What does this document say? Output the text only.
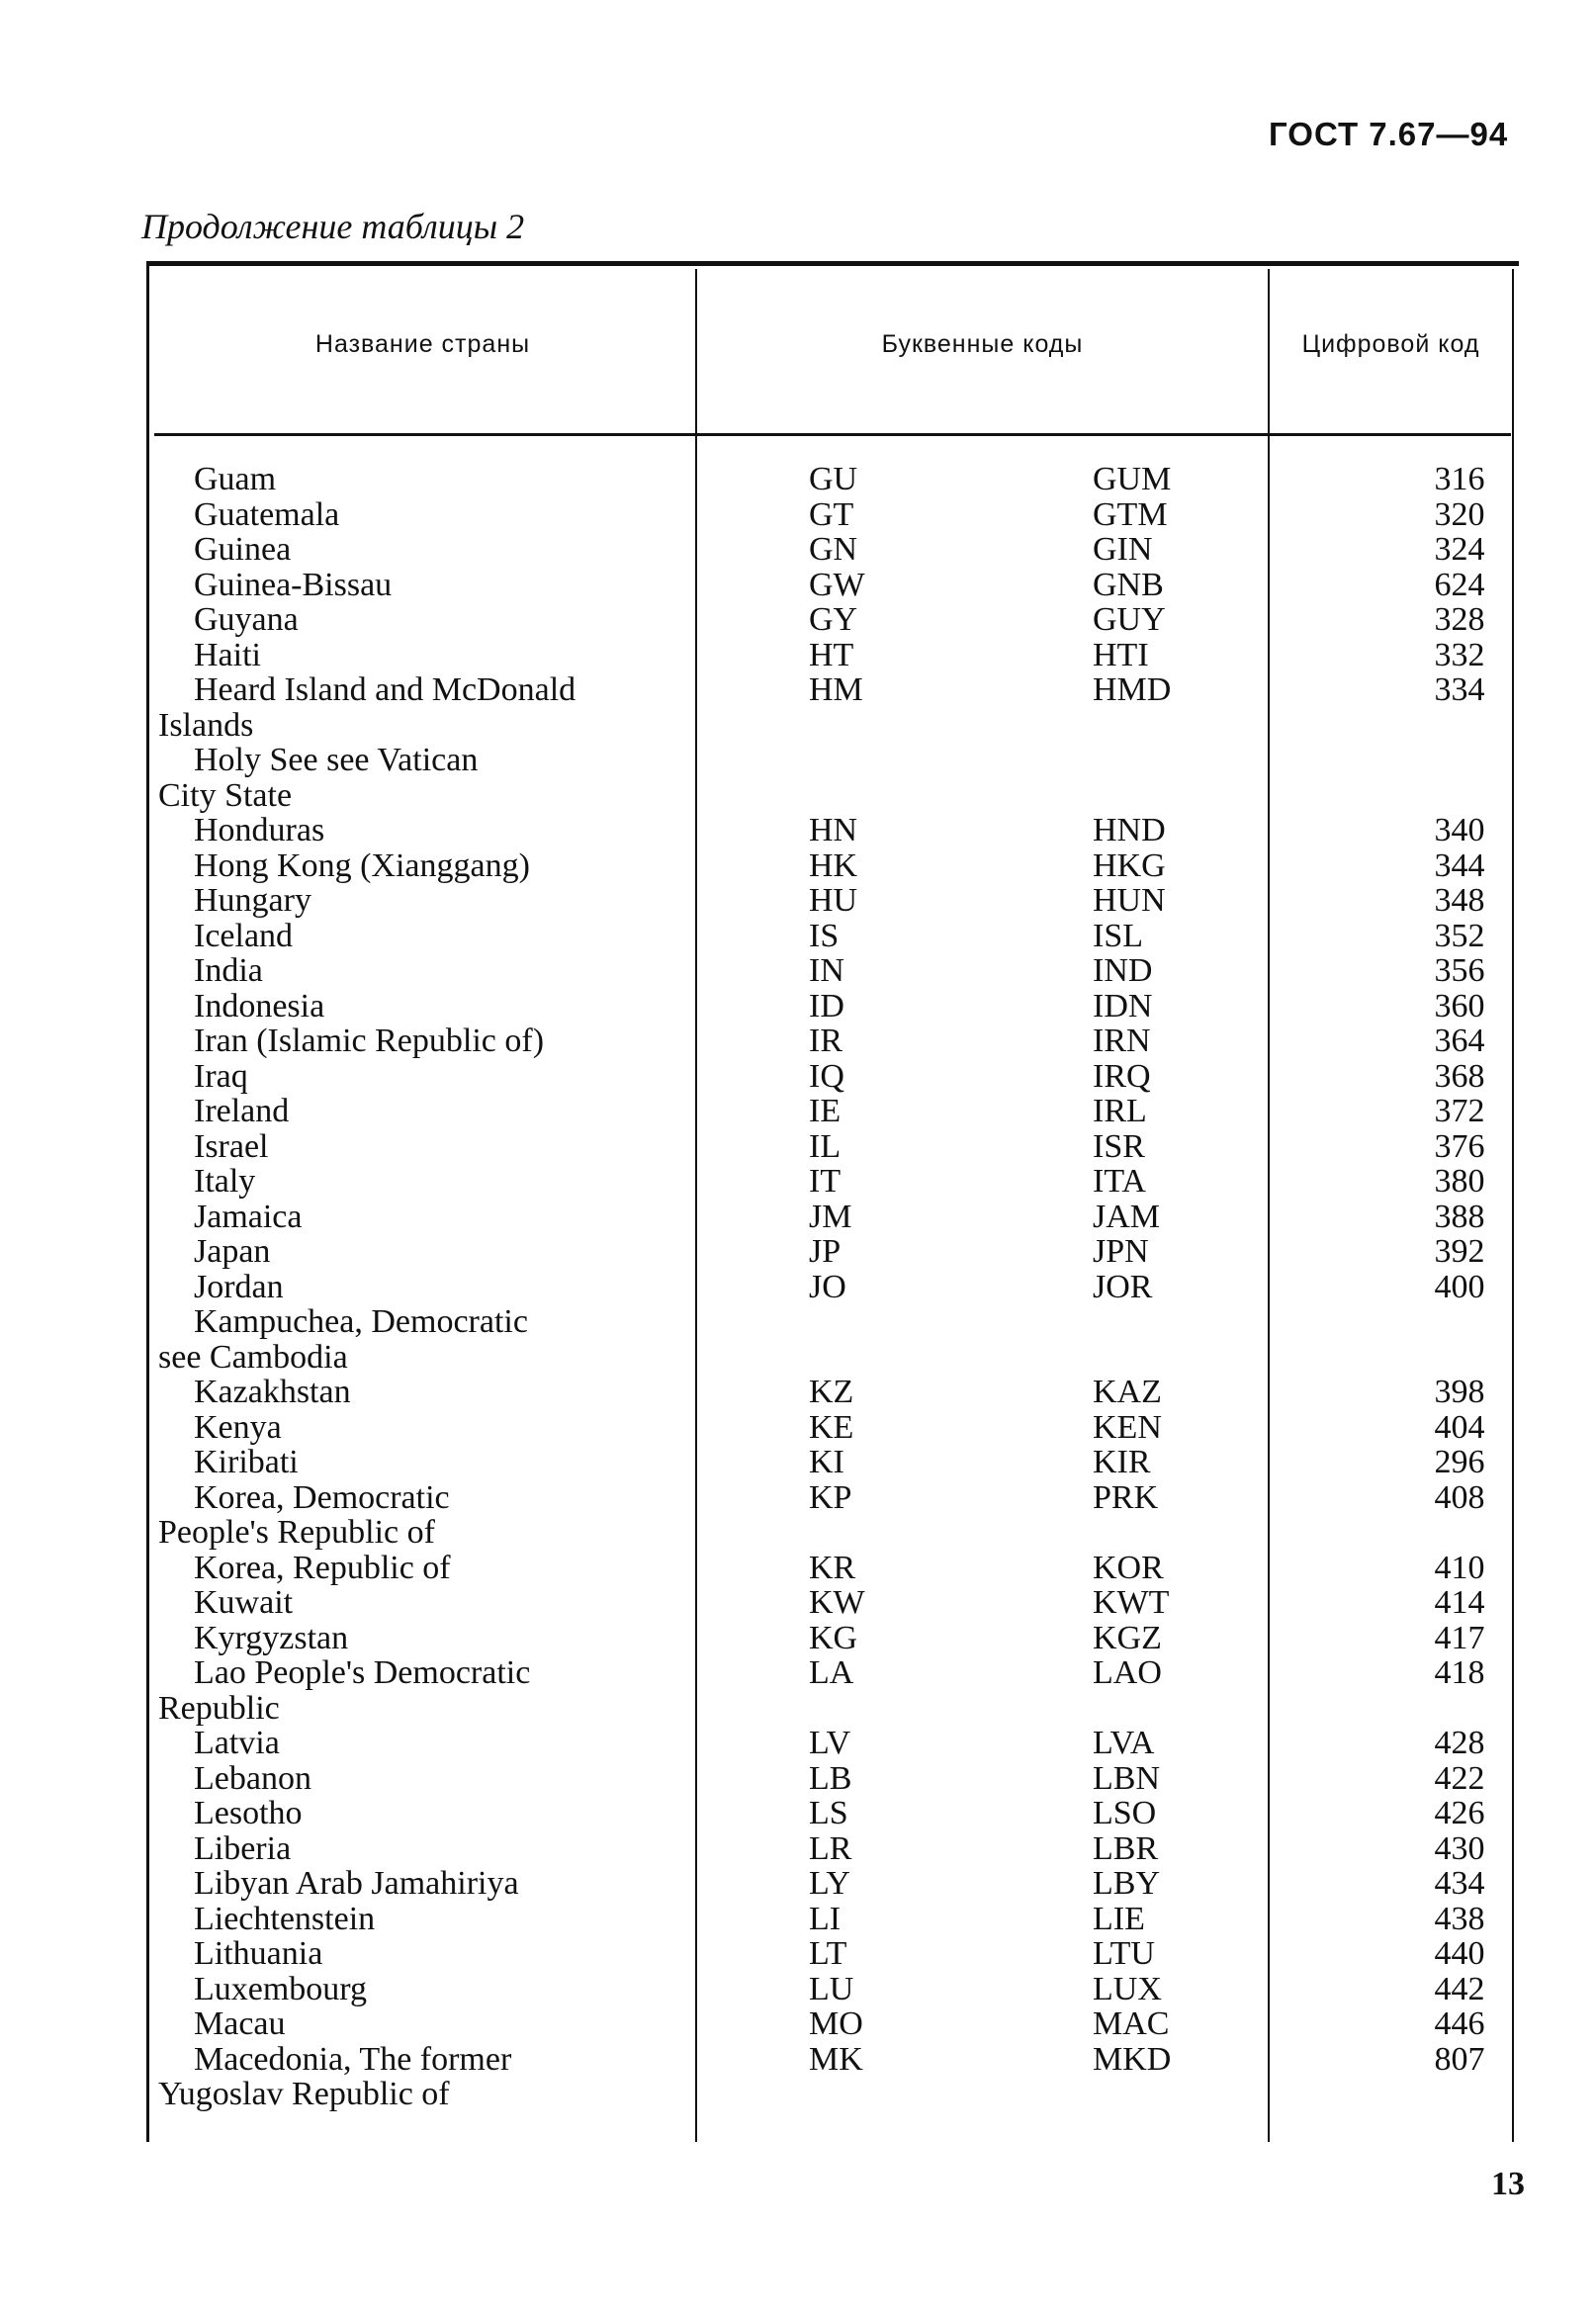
ГОСТ 7.67—94
Продолжение таблицы 2
Название страны	Буквенные коды	Цифровой код
Guam	GU	GUM	316
Guatemala	GT	GTM	320
Guinea	GN	GIN	324
Guinea-Bissau	GW	GNB	624
Guyana	GY	GUY	328
Haiti	HT	HTI	332
Heard Island and McDonald	HM	HMD	334
Islands
Holy See see Vatican
City State
Honduras	HN	HND	340
Hong Kong (Xianggang)	HK	HKG	344
Hungary	HU	HUN	348
Iceland	IS	ISL	352
India	IN	IND	356
Indonesia	ID	IDN	360
Iran (Islamic Republic of)	IR	IRN	364
Iraq	IQ	IRQ	368
Ireland	IE	IRL	372
Israel	IL	ISR	376
Italy	IT	ITA	380
Jamaica	JM	JAM	388
Japan	JP	JPN	392
Jordan	JO	JOR	400
Kampuchea, Democratic
see Cambodia
Kazakhstan	KZ	KAZ	398
Kenya	KE	KEN	404
Kiribati	KI	KIR	296
Korea, Democratic	KP	PRK	408
People's Republic of
Korea, Republic of	KR	KOR	410
Kuwait	KW	KWT	414
Kyrgyzstan	KG	KGZ	417
Lao People's Democratic	LA	LAO	418
Republic
Latvia	LV	LVA	428
Lebanon	LB	LBN	422
Lesotho	LS	LSO	426
Liberia	LR	LBR	430
Libyan Arab Jamahiriya	LY	LBY	434
Liechtenstein	LI	LIE	438
Lithuania	LT	LTU	440
Luxembourg	LU	LUX	442
Macau	MO	MAC	446
Macedonia, The former	MK	MKD	807
Yugoslav Republic of
13
